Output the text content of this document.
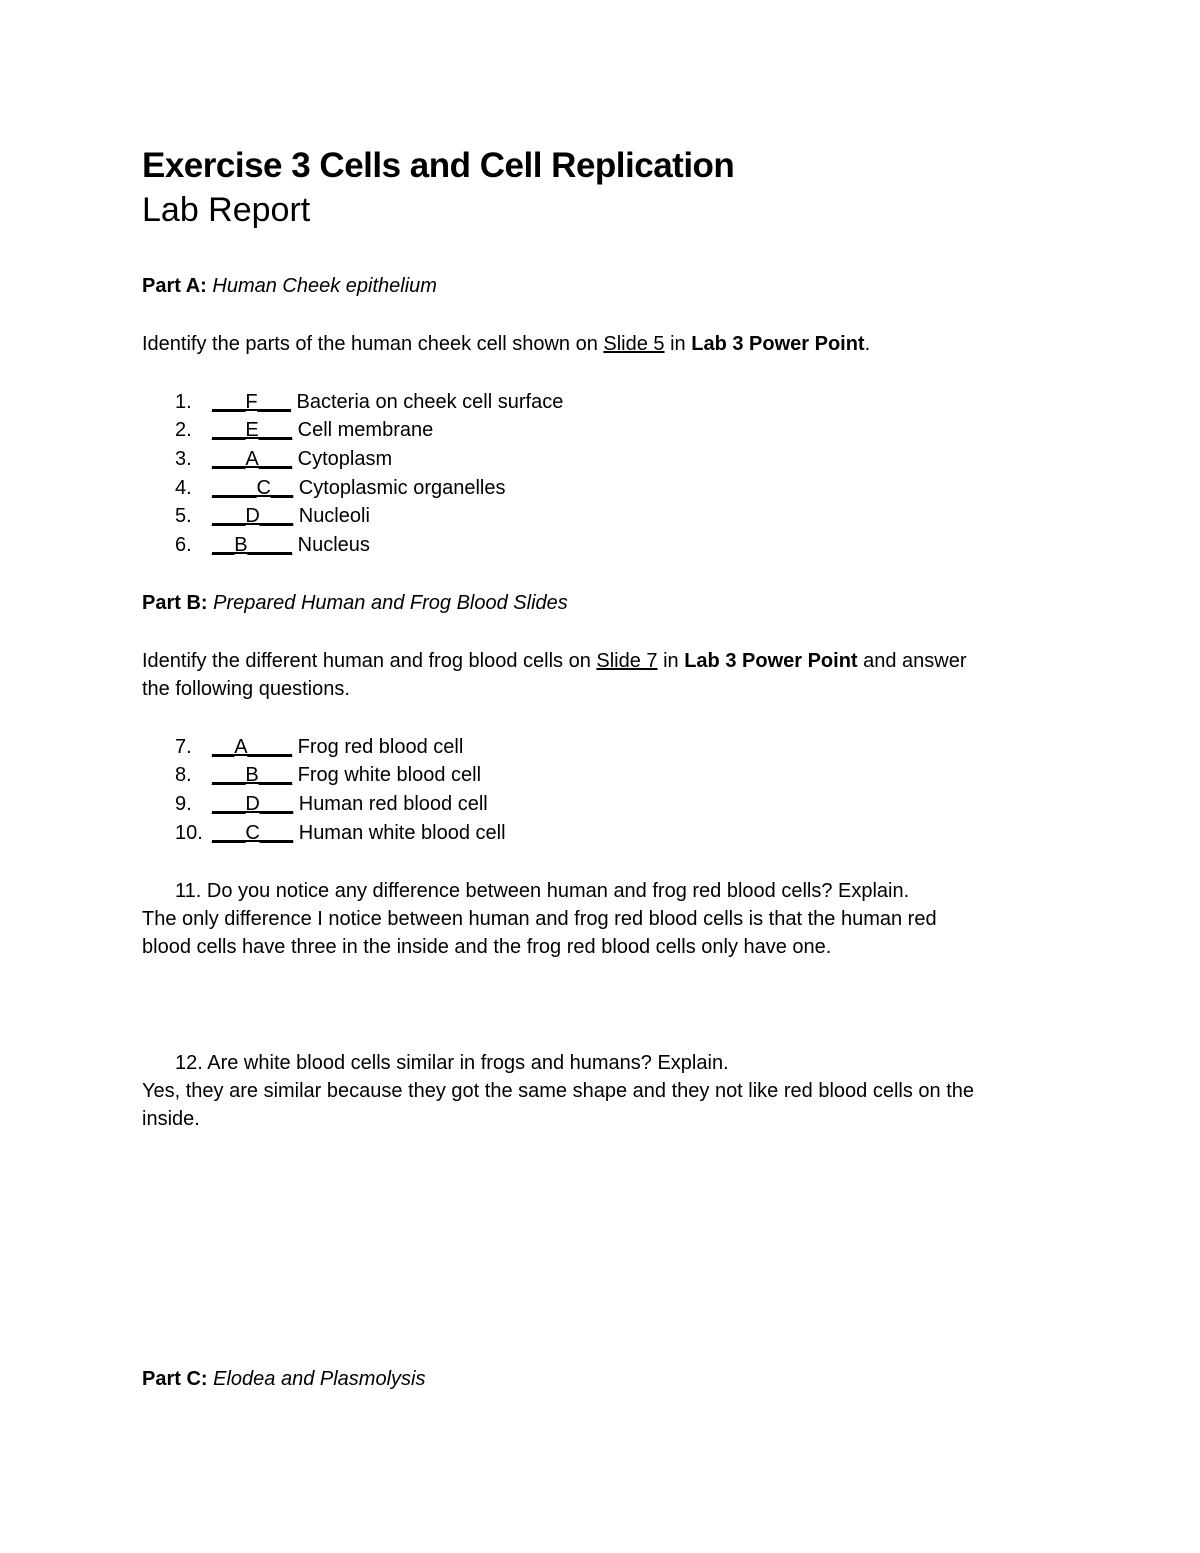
Exercise 3 Cells and Cell Replication
Lab Report
Part A: Human Cheek epithelium
Identify the parts of the human cheek cell shown on Slide 5 in Lab 3 Power Point.
1. ___F___ Bacteria on cheek cell surface
2. ___E___ Cell membrane
3. ___A___ Cytoplasm
4. ____C__ Cytoplasmic organelles
5. ___D___ Nucleoli
6. __B____ Nucleus
Part B: Prepared Human and Frog Blood Slides
Identify the different human and frog blood cells on Slide 7 in Lab 3 Power Point and answer
the following questions.
7. __A____ Frog red blood cell
8. ___B___ Frog white blood cell
9. ___D___ Human red blood cell
10. ___C___ Human white blood cell
11. Do you notice any difference between human and frog red blood cells? Explain.
The only difference I notice between human and frog red blood cells is that the human red
blood cells have three in the inside and the frog red blood cells only have one.
12. Are white blood cells similar in frogs and humans? Explain.
Yes, they are similar because they got the same shape and they not like red blood cells on the
inside.
Part C: Elodea and Plasmolysis
